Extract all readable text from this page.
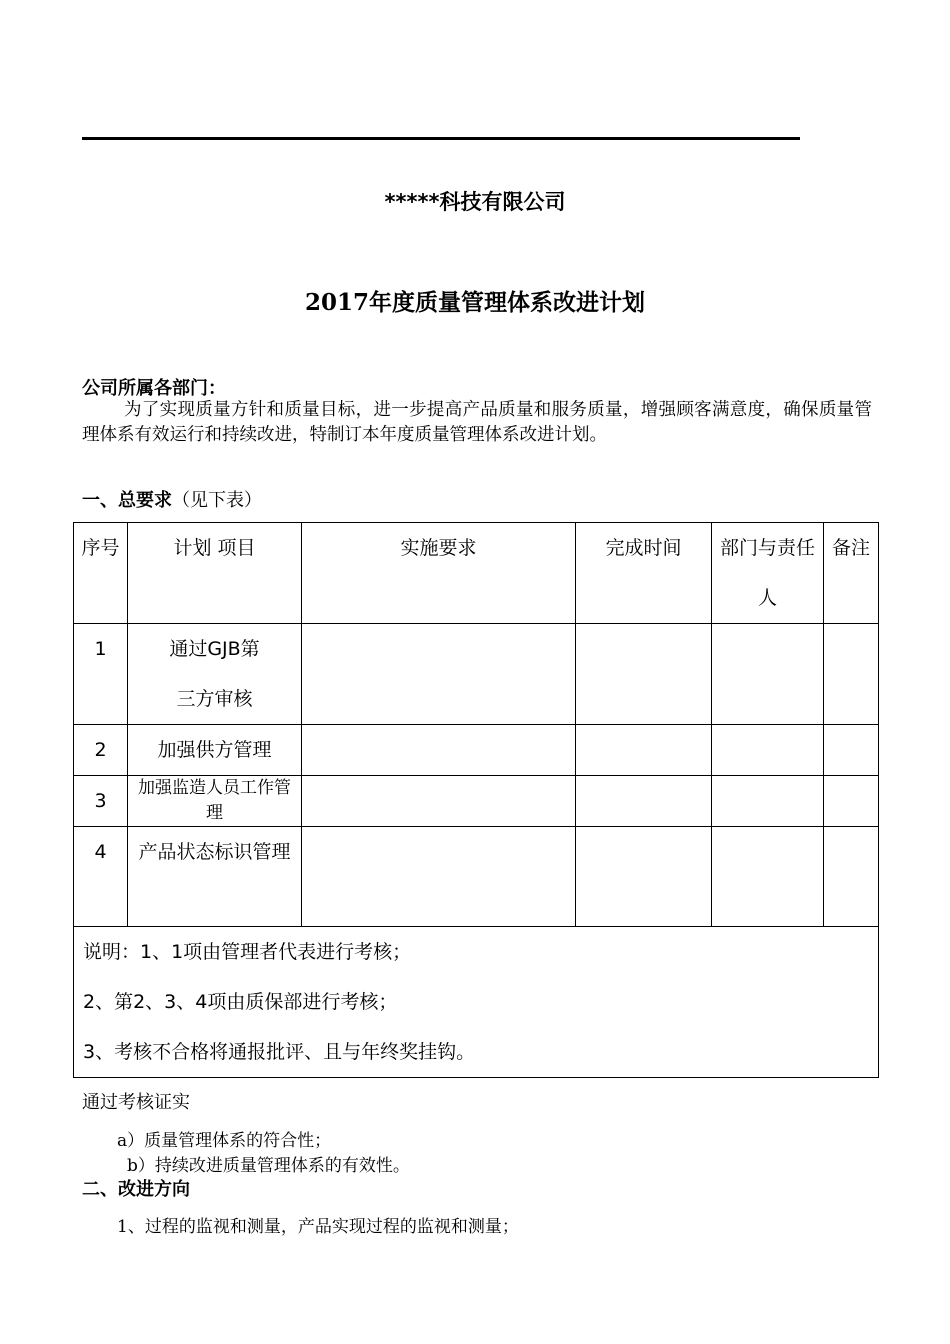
*****科技有限公司
2017年度质量管理体系改进计划
公司所属各部门：
为了实现质量方针和质量目标，进一步提高产品质量和服务质量，增强顾客满意度，确保质量管理体系有效运行和持续改进，特制订本年度质量管理体系改进计划。
一、总要求（见下表）
序号	计划 项目	实施要求	完成时间	部门与责任人	备注
1	通过GJB第三方审核				
2	加强供方管理				
3	加强监造人员工作管理				
4	产品状态标识管理				

说明：1、1项由管理者代表进行考核；
2、第2、3、4项由质保部进行考核；
3、考核不合格将通报批评、且与年终奖挂钩。					
通过考核证实
a）质量管理体系的符合性；
b）持续改进质量管理体系的有效性。
二、改进方向
1、过程的监视和测量，产品实现过程的监视和测量；
